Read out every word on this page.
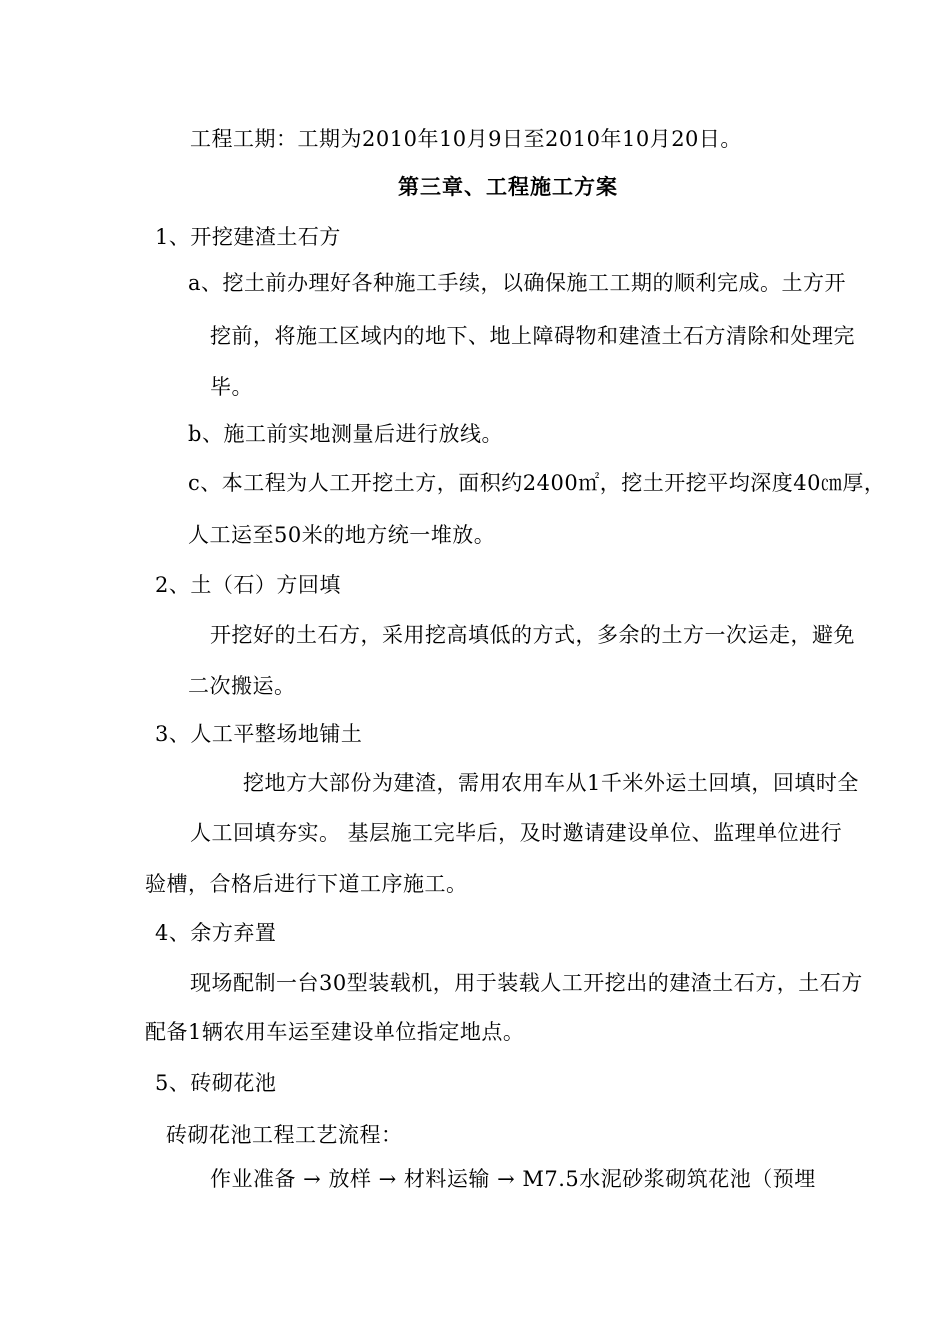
工程工期：工期为2010年10月9日至2010年10月20日。
第三章、工程施工方案
1、开挖建渣土石方
a、挖土前办理好各种施工手续，以确保施工工期的顺利完成。土方开
挖前，将施工区域内的地下、地上障碍物和建渣土石方清除和处理完
毕。
b、施工前实地测量后进行放线。
c、本工程为人工开挖土方，面积约2400㎡，挖土开挖平均深度40㎝厚，
人工运至50米的地方统一堆放。
2、土（石）方回填
开挖好的土石方，采用挖高填低的方式，多余的土方一次运走，避免
二次搬运。
3、人工平整场地铺土
挖地方大部份为建渣，需用农用车从1千米外运土回填，回填时全
人工回填夯实。 基层施工完毕后，及时邀请建设单位、监理单位进行
验槽，合格后进行下道工序施工。
4、余方弃置
现场配制一台30型装载机，用于装载人工开挖出的建渣土石方，土石方
配备1辆农用车运至建设单位指定地点。
5、砖砌花池
砖砌花池工程工艺流程：
作业准备 → 放样 → 材料运输 → M7.5水泥砂浆砌筑花池（预埋
